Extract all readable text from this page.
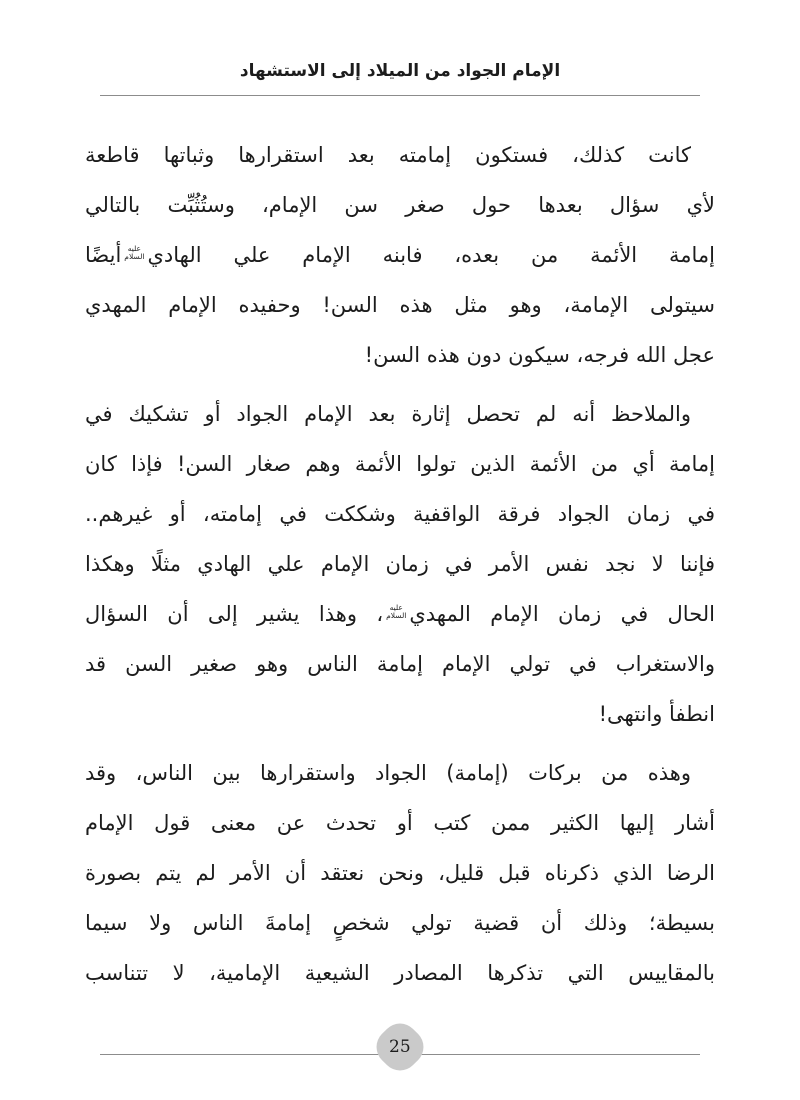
الإمام الجواد من الميلاد إلى الاستشهاد
كانت كذلك، فستكون إمامته بعد استقرارها وثباتها قاطعة
لأي سؤال بعدها حول صغر سن الإمام، وستُثُبِّت بالتالي
إمامة الأئمة من بعده، فابنه الإمام علي الهادي
عليه
السلام
أيضًا
سيتولى الإمامة، وهو مثل هذه السن! وحفيده الإمام المهدي
عجل الله فرجه، سيكون دون هذه السن!
والملاحظ أنه لم تحصل إثارة بعد الإمام الجواد أو تشكيك في
إمامة أي من الأئمة الذين تولوا الأئمة وهم صغار السن! فإذا كان
في زمان الجواد فرقة الواقفية وشككت في إمامته، أو غيرهم..
فإننا لا نجد نفس الأمر في زمان الإمام علي الهادي مثلًا وهكذا
الحال في زمان الإمام المهدي
عليه
السلام
، وهذا يشير إلى أن السؤال
والاستغراب في تولي الإمام إمامة الناس وهو صغير السن قد
انطفأ وانتهى!
وهذه من بركات (إمامة) الجواد واستقرارها بين الناس، وقد
أشار إليها الكثير ممن كتب أو تحدث عن معنى قول الإمام
الرضا الذي ذكرناه قبل قليل، ونحن نعتقد أن الأمر لم يتم بصورة
بسيطة؛ وذلك أن قضية تولي شخصٍ إمامةَ الناس ولا سيما
بالمقاييس التي تذكرها المصادر الشيعية الإمامية، لا تتناسب
25
